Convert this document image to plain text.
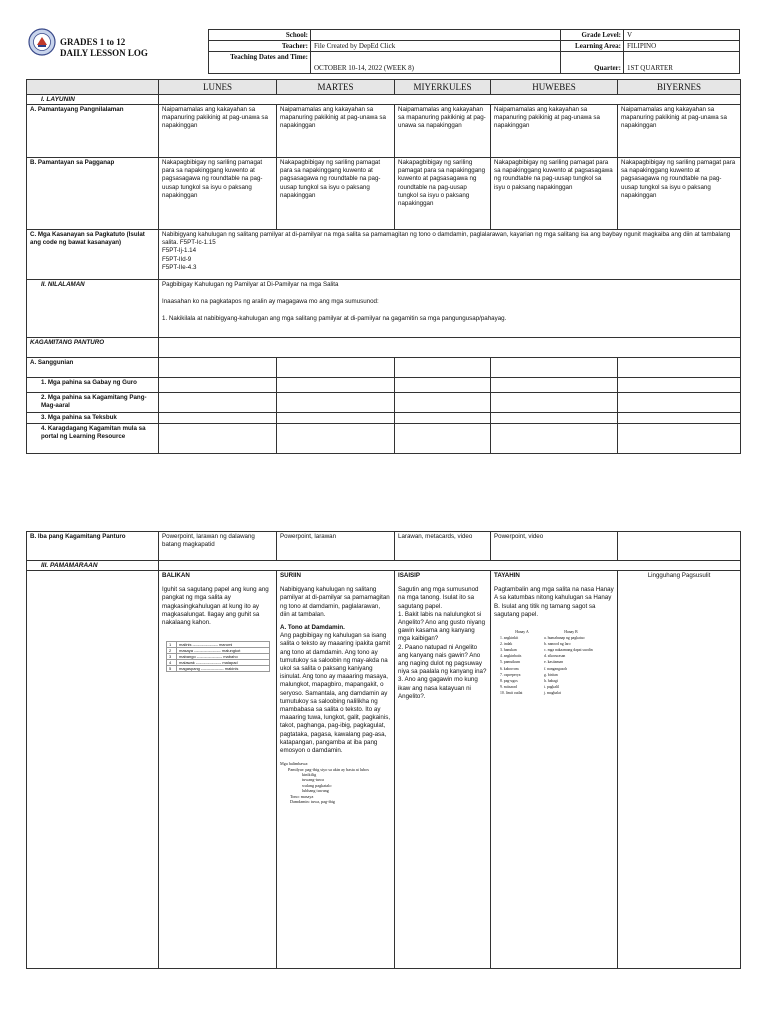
GRADES 1 to 12
DAILY LESSON LOG
School:		Grade Level:	V
Teacher:	File Created by DepEd Click	Learning Area:	FILIPINO
Teaching Dates and Time:	OCTOBER 10-14, 2022 (WEEK 8)	Quarter:	1ST QUARTER
	LUNES	MARTES	MIYERKULES	HUWEBES	BIYERNES
I. LAYUNIN					
A. Pamantayang Pangnilalaman	Naipamamalas ang kakayahan sa mapanuring pakikinig at pag-unawa sa napakinggan	Naipamamalas ang kakayahan sa mapanuring pakikinig at pag-unawa sa napakinggan	Naipamamalas ang kakayahan sa mapanuring pakikinig at pag-unawa sa napakinggan	Naipamamalas ang kakayahan sa mapanuring pakikinig at pag-unawa sa napakinggan	Naipamamalas ang kakayahan sa mapanuring pakikinig at pag-unawa sa napakinggan
B. Pamantayan sa Pagganap	Nakapagbibigay ng sariling pamagat para sa napakinggang kuwento at pagsasagawa ng roundtable na pag-uusap tungkol sa isyu o paksang napakinggan	Nakapagbibigay ng sariling pamagat para sa napakinggang kuwento at pagsasagawa ng roundtable na pag-uusap tungkol sa isyu o paksang napakinggan	Nakapagbibigay ng sariling pamagat para sa napakinggang kuwento at pagsasagawa ng roundtable na pag-uusap tungkol sa isyu o paksang napakinggan	Nakapagbibigay ng sariling pamagat para sa napakinggang kuwento at pagsasagawa ng roundtable na pag-uusap tungkol sa isyu o paksang napakinggan	Nakapagbibigay ng sariling pamagat para sa napakinggang kuwento at pagsasagawa ng roundtable na pag-uusap tungkol sa isyu o paksang napakinggan
C. Mga Kasanayan sa Pagkatuto (Isulat ang code ng bawat kasanayan)	Nabibigyang kahulugan ng salitang pamilyar at di-pamilyar na mga salita sa pamamagitan ng tono o damdamin, paglalarawan, kayarian ng mga salitang isa ang baybay ngunit magkaiba ang diin at tambalang salita. F5PT-Ic-1.15
F5PT-Ij-1.14
F5PT-IId-9
F5PT-IIe-4.3				

II. NILALAMAN	Pagbibigay Kahulugan ng Pamilyar at Di-Pamilyar na mga Salita

Inaasahan ko na pagkatapos ng aralin ay magagawa mo ang mga sumusunod:

1. Nakikilala at nabibigyang-kahulugan ang mga salitang pamilyar at di-pamilyar na gagamitin sa mga pangungusap/pahayag.				

KAGAMITANG PANTURO					
A. Sanggunian					
1. Mga pahina sa Gabay ng Guro					
2. Mga pahina sa Kagamitang Pang-Mag-aaral					
3. Mga pahina sa Teksbuk					
4. Karagdagang Kagamitan mula sa portal ng Learning Resource					
B. Iba pang Kagamitang Panturo	Powerpoint, larawan ng dalawang batang magkapatid	Powerpoint, larawan	Larawan, metacards, video	Powerpoint, video	
III. PAMAMARAAN	

BALIKAN

Iguhit sa sagutang papel ang kung ang pangkat ng mga salita ay magkasingkahulugan at kung ito ay magkasalungat. Ilagay ang guhit sa nakalaang kahon.

1	malinis ------------------- marumi
2	masaya -------------------- malungkot
3	mabango ------------------- mabaho
4	malawak ------------------- malapad
5	magaspang ----------------- makinis

SURIIN

Nabibigyang kahulugan ng salitang pamilyar at di-pamilyar sa pamamagitan ng tono at damdamin, paglalarawan, diin at tambalan.

A. Tono at Damdamin.

Ang pagbibigay ng kahulugan sa isang salita o teksto ay maaaring ipakita gamit ang tono at damdamin. Ang tono ay tumutukoy sa saloobin ng may-akda na ukol sa salita o paksang kaniyang isinulat. Ang tono ay maaaring masaya, malungkot, mapagbiro, mapangakit, o seryoso. Samantala, ang damdamin ay tumutukoy sa saloobing nalilikha ng mambabasa sa salita o teksto. Ito ay maaaring tuwa, lungkot, galit, pagkainis, takot, paghanga, pag-ibig, pagkagulat, pagtataka, pagasa, kawalang pag-asa, katapangan, pangamba at iba pang emosyon o damdamin.

Mga halimbawa:
Pamilyar: pag-ibig siyo sa akin ay basta at lubos
kinikilig
tuwang-tuwa
walang pagkatalo
lubhang tuwang
Tono: masaya
Damdamin: tuwa, pag-ibig

ISAISIP

Sagutin ang mga sumusunod na mga tanong. Isulat ito sa sagutang papel.

1. Bakit labis na nalulungkot si Angelito? Ano ang gusto niyang gawin kasama ang kanyang mga kaibigan?

2. Paano natupad ni Angelito ang kanyang nais gawin? Ano ang naging dulot ng pagsuway niya sa paalala ng kanyang ina?

3. Ano ang gagawin mo kung ikaw ang nasa katayuan ni Angelito?.

TAYAHIN

Pagtambalin ang mga salita na nasa Hanay A sa katumbas nitong kahulugan sa Hanay B. Isulat ang titik ng tamang sagot sa sagutang papel.

Hanay A	Hanay B
1. angkinkit	a. humahanap ng pagkatao
2. indak	b. nanood ng laro
3. hanukan	c. mga nakaamang dapat suodin
4. angkinbatis	d. sikorurasan
5. pamutkum	e. kasiiaman
6. kaborrom	f. nangangasoh
7. ospreperya	g. biritan
8. pag-ugos	h. habagi
9. mitsarad	i. pagkalil
10. limit outlat	j. magbalat

Lingguhang Pagsusulit
